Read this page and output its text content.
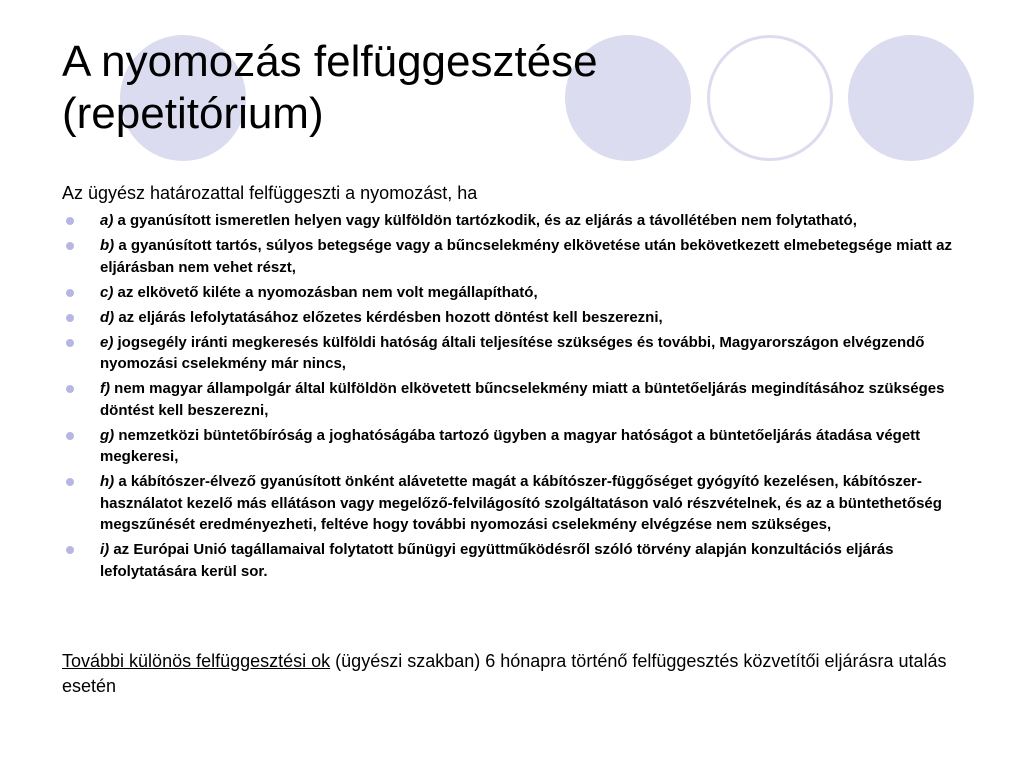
A nyomozás felfüggesztése
(repetitórium)
Az ügyész határozattal felfüggeszti a nyomozást, ha
a) a gyanúsított ismeretlen helyen vagy külföldön tartózkodik, és az eljárás a távollétében nem folytatható,
b) a gyanúsított tartós, súlyos betegsége vagy a bűncselekmény elkövetése után bekövetkezett elmebetegsége miatt az eljárásban nem vehet részt,
c) az elkövető kiléte a nyomozásban nem volt megállapítható,
d) az eljárás lefolytatásához előzetes kérdésben hozott döntést kell beszerezni,
e) jogsegély iránti megkeresés külföldi hatóság általi teljesítése szükséges és további, Magyarországon elvégzendő nyomozási cselekmény már nincs,
f) nem magyar állampolgár által külföldön elkövetett bűncselekmény miatt a büntetőeljárás megindításához szükséges döntést kell beszerezni,
g) nemzetközi büntetőbíróság a joghatóságába tartozó ügyben a magyar hatóságot a büntetőeljárás átadása végett megkeresi,
h) a kábítószer-élvező gyanúsított önként alávetette magát a kábítószer-függőséget gyógyító kezelésen, kábítószer-használatot kezelő más ellátáson vagy megelőző-felvilágosító szolgáltatáson való részvételnek, és az a büntethetőség megszűnését eredményezheti, feltéve hogy további nyomozási cselekmény elvégzése nem szükséges,
i) az Európai Unió tagállamaival folytatott bűnügyi együttműködésről szóló törvény alapján konzultációs eljárás lefolytatására kerül sor.
További különös felfüggesztési ok (ügyészi szakban) 6 hónapra történő felfüggesztés közvetítői eljárásra utalás esetén
